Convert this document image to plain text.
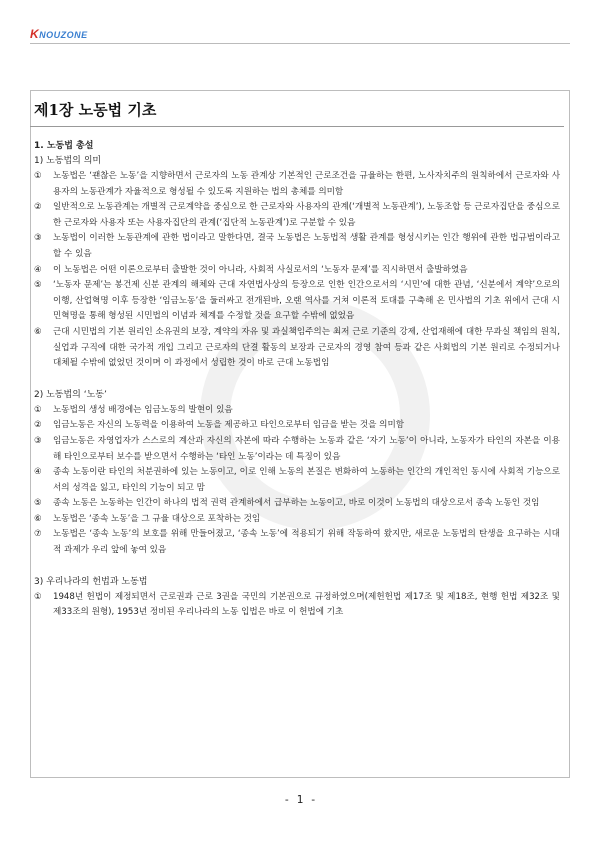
KNOUZONE
제1장 노동법 기초
1. 노동법 총설
1) 노동법의 의미
① 노동법은 ‘괜찮은 노동’을 지향하면서 근로자의 노동 관계상 기본적인 근로조건을 규율하는 한편, 노사자치주의 원칙하에서 근로자와 사용자의 노동관계가 자율적으로 형성될 수 있도록 지원하는 법의 총체를 의미함
② 일반적으로 노동관계는 개별적 근로계약을 중심으로 한 근로자와 사용자의 관계(‘개별적 노동관계’), 노동조합 등 근로자집단을 중심으로 한 근로자와 사용자 또는 사용자집단의 관계(‘집단적 노동관계’)로 구분할 수 있음
③ 노동법이 이러한 노동관계에 관한 법이라고 말한다면, 결국 노동법은 노동법적 생활 관계를 형성시키는 인간 행위에 관한 법규범이라고 할 수 있음
④ 이 노동법은 어떤 이론으로부터 출발한 것이 아니라, 사회적 사실로서의 ‘노동자 문제’를 직시하면서 출발하였음
⑤ ‘노동자 문제’는 봉건제 신분 관계의 해체와 근대 자연법사상의 등장으로 인한 인간으로서의 ‘시민’에 대한 관념, ‘신분에서 계약’으로의 이행, 산업혁명 이후 등장한 ‘임금노동’을 둘러싸고 전개된바, 오랜 역사를 거쳐 이론적 토대를 구축해 온 민사법의 기초 위에서 근대 시민혁명을 통해 형성된 시민법의 이념과 체계를 수정할 것을 요구할 수밖에 없었음
⑥ 근대 시민법의 기본 원리인 소유권의 보장, 계약의 자유 및 과실책임주의는 최저 근로 기준의 강제, 산업재해에 대한 무과실 책임의 원칙, 실업과 구직에 대한 국가적 개입 그리고 근로자의 단결 활동의 보장과 근로자의 경영 참여 등과 같은 사회법의 기본 원리로 수정되거나 대체될 수밖에 없었던 것이며 이 과정에서 성립한 것이 바로 근대 노동법임
2) 노동법의 ‘노동’
① 노동법의 생성 배경에는 임금노동의 발현이 있음
② 임금노동은 자신의 노동력을 이용하여 노동을 제공하고 타인으로부터 임금을 받는 것을 의미함
③ 임금노동은 자영업자가 스스로의 계산과 자신의 자본에 따라 수행하는 노동과 같은 ‘자기 노동’이 아니라, 노동자가 타인의 자본을 이용해 타인으로부터 보수를 받으면서 수행하는 ‘타인 노동’이라는 데 특징이 있음
④ 종속 노동이란 타인의 처분권하에 있는 노동이고, 이로 인해 노동의 본질은 변화하여 노동하는 인간의 개인적인 동시에 사회적 기능으로서의 성격을 잃고, 타인의 기능이 되고 맘
⑤ 종속 노동은 노동하는 인간이 하나의 법적 권력 관계하에서 급부하는 노동이고, 바로 이것이 노동법의 대상으로서 종속 노동인 것임
⑥ 노동법은 ‘종속 노동’을 그 규율 대상으로 포착하는 것임
⑦ 노동법은 ‘종속 노동’의 보호를 위해 만들어졌고, ‘종속 노동’에 적용되기 위해 작동하여 왔지만, 새로운 노동법의 탄생을 요구하는 시대적 과제가 우리 앞에 놓여 있음
3) 우리나라의 헌법과 노동법
① 1948년 헌법이 제정되면서 근로권과 근로 3권을 국민의 기본권으로 규정하였으며(제헌헌법 제17조 및 제18조, 현행 헌법 제32조 및 제33조의 원형), 1953년 정비된 우리나라의 노동 입법은 바로 이 헌법에 기초
- 1 -
